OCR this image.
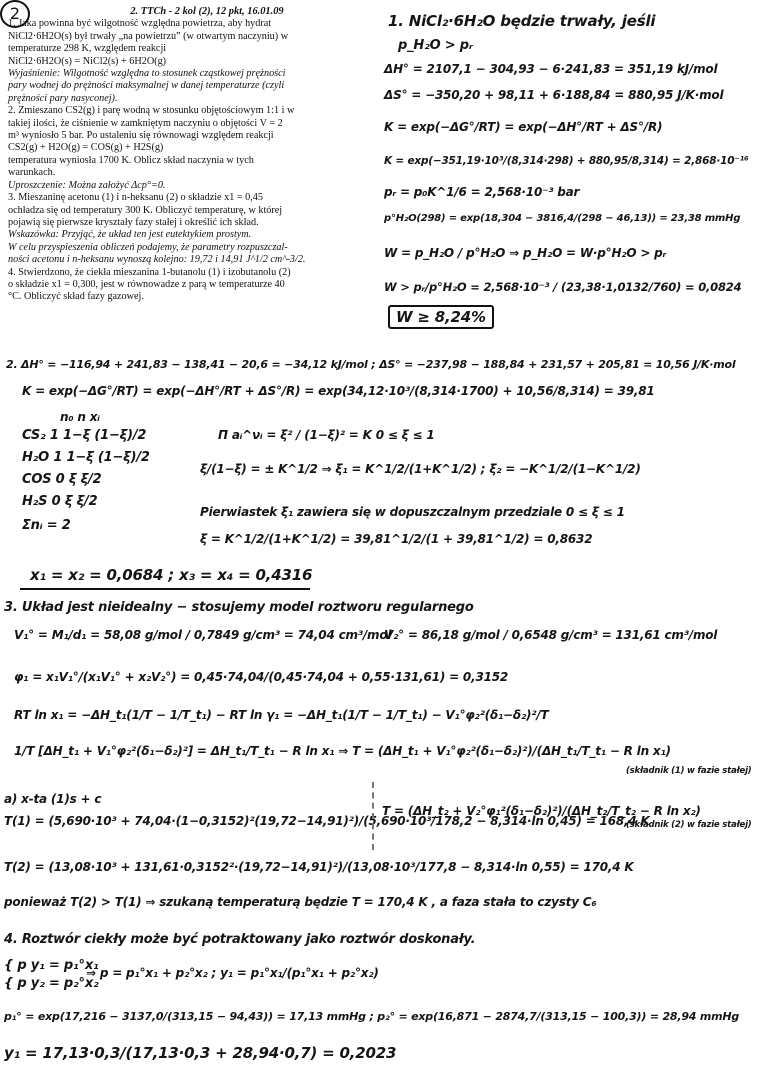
2	2. TTCh - 2 kol (2), 12 pkt, 16.01.09

1. Jaka powinna być wilgotność względna powietrza, aby hydrat

NiCl2·6H2O(s) był trwały „na powietrzu” (w otwartym naczyniu) w

temperaturze 298 K, względem reakcji

NiCl2·6H2O(s) = NiCl2(s) + 6H2O(g)

Wyjaśnienie: Wilgotność względna to stosunek cząstkowej prężności

pary wodnej do prężności maksymalnej w danej temperaturze (czyli

prężności pary nasyconej).

2. Zmieszano CS2(g) i parę wodną w stosunku objętościowym 1:1 i w

takiej ilości, że ciśnienie w zamkniętym naczyniu o objętości V = 2

m³ wyniosło 5 bar. Po ustaleniu się równowagi względem reakcji

CS2(g) + H2O(g) = COS(g) + H2S(g)

temperatura wyniosła 1700 K. Oblicz skład naczynia w tych

warunkach.

Uproszczenie: Można założyć Δcp°=0.

3. Mieszaninę acetonu (1) i n-heksanu (2) o składzie x1 = 0,45

ochładza się od temperatury 300 K. Obliczyć temperaturę, w której

pojawią się pierwsze kryształy fazy stałej i określić ich skład.

Wskazówka: Przyjąć, że układ ten jest eutektykiem prostym.

W celu przyspieszenia obliczeń podajemy, że parametry rozpuszczal-

ności acetonu i n-heksanu wynoszą kolejno: 19,72 i 14,91 J^1/2 cm^-3/2.

4. Stwierdzono, że ciekła mieszanina 1-butanolu (1) i izobutanolu (2)

o składzie x1 = 0,300, jest w równowadze z parą w temperaturze 40

°C. Obliczyć skład fazy gazowej.

1. NiCl₂·6H₂O będzie trwały, jeśli
p_H₂O > pᵣ
ΔH° = 2107,1 − 304,93 − 6·241,83 = 351,19 kJ/mol
ΔS° = −350,20 + 98,11 + 6·188,84 = 880,95 J/K·mol
K = exp(−ΔG°/RT) = exp(−ΔH°/RT + ΔS°/R)
K = exp(−351,19·10³/(8,314·298) + 880,95/8,314) = 2,868·10⁻¹⁶
pᵣ = p₀K^1/6 = 2,568·10⁻³ bar
p°H₂O(298) = exp(18,304 − 3816,4/(298 − 46,13)) = 23,38 mmHg
W = p_H₂O / p°H₂O ⇒ p_H₂O = W·p°H₂O > pᵣ
W > pᵣ/p°H₂O = 2,568·10⁻³ / (23,38·1,0132/760) = 0,0824
W ≥ 8,24%
2. ΔH° = −116,94 + 241,83 − 138,41 − 20,6 = −34,12 kJ/mol ; ΔS° = −237,98 − 188,84 + 231,57 + 205,81 = 10,56 J/K·mol
K = exp(−ΔG°/RT) = exp(−ΔH°/RT + ΔS°/R) = exp(34,12·10³/(8,314·1700) + 10,56/8,314) = 39,81
n₀ n xᵢ
CS₂ 1 1−ξ (1−ξ)/2
H₂O 1 1−ξ (1−ξ)/2
COS 0 ξ ξ/2
H₂S 0 ξ ξ/2
Σnᵢ = 2
Π aᵢ^νᵢ = ξ² / (1−ξ)² = K 0 ≤ ξ ≤ 1
ξ/(1−ξ) = ± K^1/2 ⇒ ξ₁ = K^1/2/(1+K^1/2) ; ξ₂ = −K^1/2/(1−K^1/2)
Pierwiastek ξ₁ zawiera się w dopuszczalnym przedziale 0 ≤ ξ ≤ 1
ξ = K^1/2/(1+K^1/2) = 39,81^1/2/(1 + 39,81^1/2) = 0,8632
x₁ = x₂ = 0,0684 ; x₃ = x₄ = 0,4316
3. Układ jest nieidealny − stosujemy model roztworu regularnego
V₁° = M₁/d₁ = 58,08 g/mol / 0,7849 g/cm³ = 74,04 cm³/mol
V₂° = 86,18 g/mol / 0,6548 g/cm³ = 131,61 cm³/mol
φ₁ = x₁V₁°/(x₁V₁° + x₂V₂°) = 0,45·74,04/(0,45·74,04 + 0,55·131,61) = 0,3152
RT ln x₁ = −ΔH_t₁(1/T − 1/T_t₁) − RT ln γ₁ = −ΔH_t₁(1/T − 1/T_t₁) − V₁°φ₂²(δ₁−δ₂)²/T
1/T [ΔH_t₁ + V₁°φ₂²(δ₁−δ₂)²] = ΔH_t₁/T_t₁ − R ln x₁ ⇒ T = (ΔH_t₁ + V₁°φ₂²(δ₁−δ₂)²)/(ΔH_t₁/T_t₁ − R ln x₁)
(składnik (1) w fazie stałej)
T = (ΔH_t₂ + V₂°φ₁²(δ₁−δ₂)²)/(ΔH_t₂/T_t₂ − R ln x₂)
(składnik (2) w fazie stałej)
a) x-ta (1)s + c
T(1) = (5,690·10³ + 74,04·(1−0,3152)²(19,72−14,91)²)/(5,690·10³/178,2 − 8,314·ln 0,45) = 168,4 K
T(2) = (13,08·10³ + 131,61·0,3152²·(19,72−14,91)²)/(13,08·10³/177,8 − 8,314·ln 0,55) = 170,4 K
ponieważ T(2) > T(1) ⇒ szukaną temperaturą będzie T = 170,4 K , a faza stała to czysty C₆
4. Roztwór ciekły może być potraktowany jako roztwór doskonały.
{ p y₁ = p₁°x₁
{ p y₂ = p₂°x₂
⇒ p = p₁°x₁ + p₂°x₂ ; y₁ = p₁°x₁/(p₁°x₁ + p₂°x₂)
p₁° = exp(17,216 − 3137,0/(313,15 − 94,43)) = 17,13 mmHg ; p₂° = exp(16,871 − 2874,7/(313,15 − 100,3)) = 28,94 mmHg
y₁ = 17,13·0,3/(17,13·0,3 + 28,94·0,7) = 0,2023
